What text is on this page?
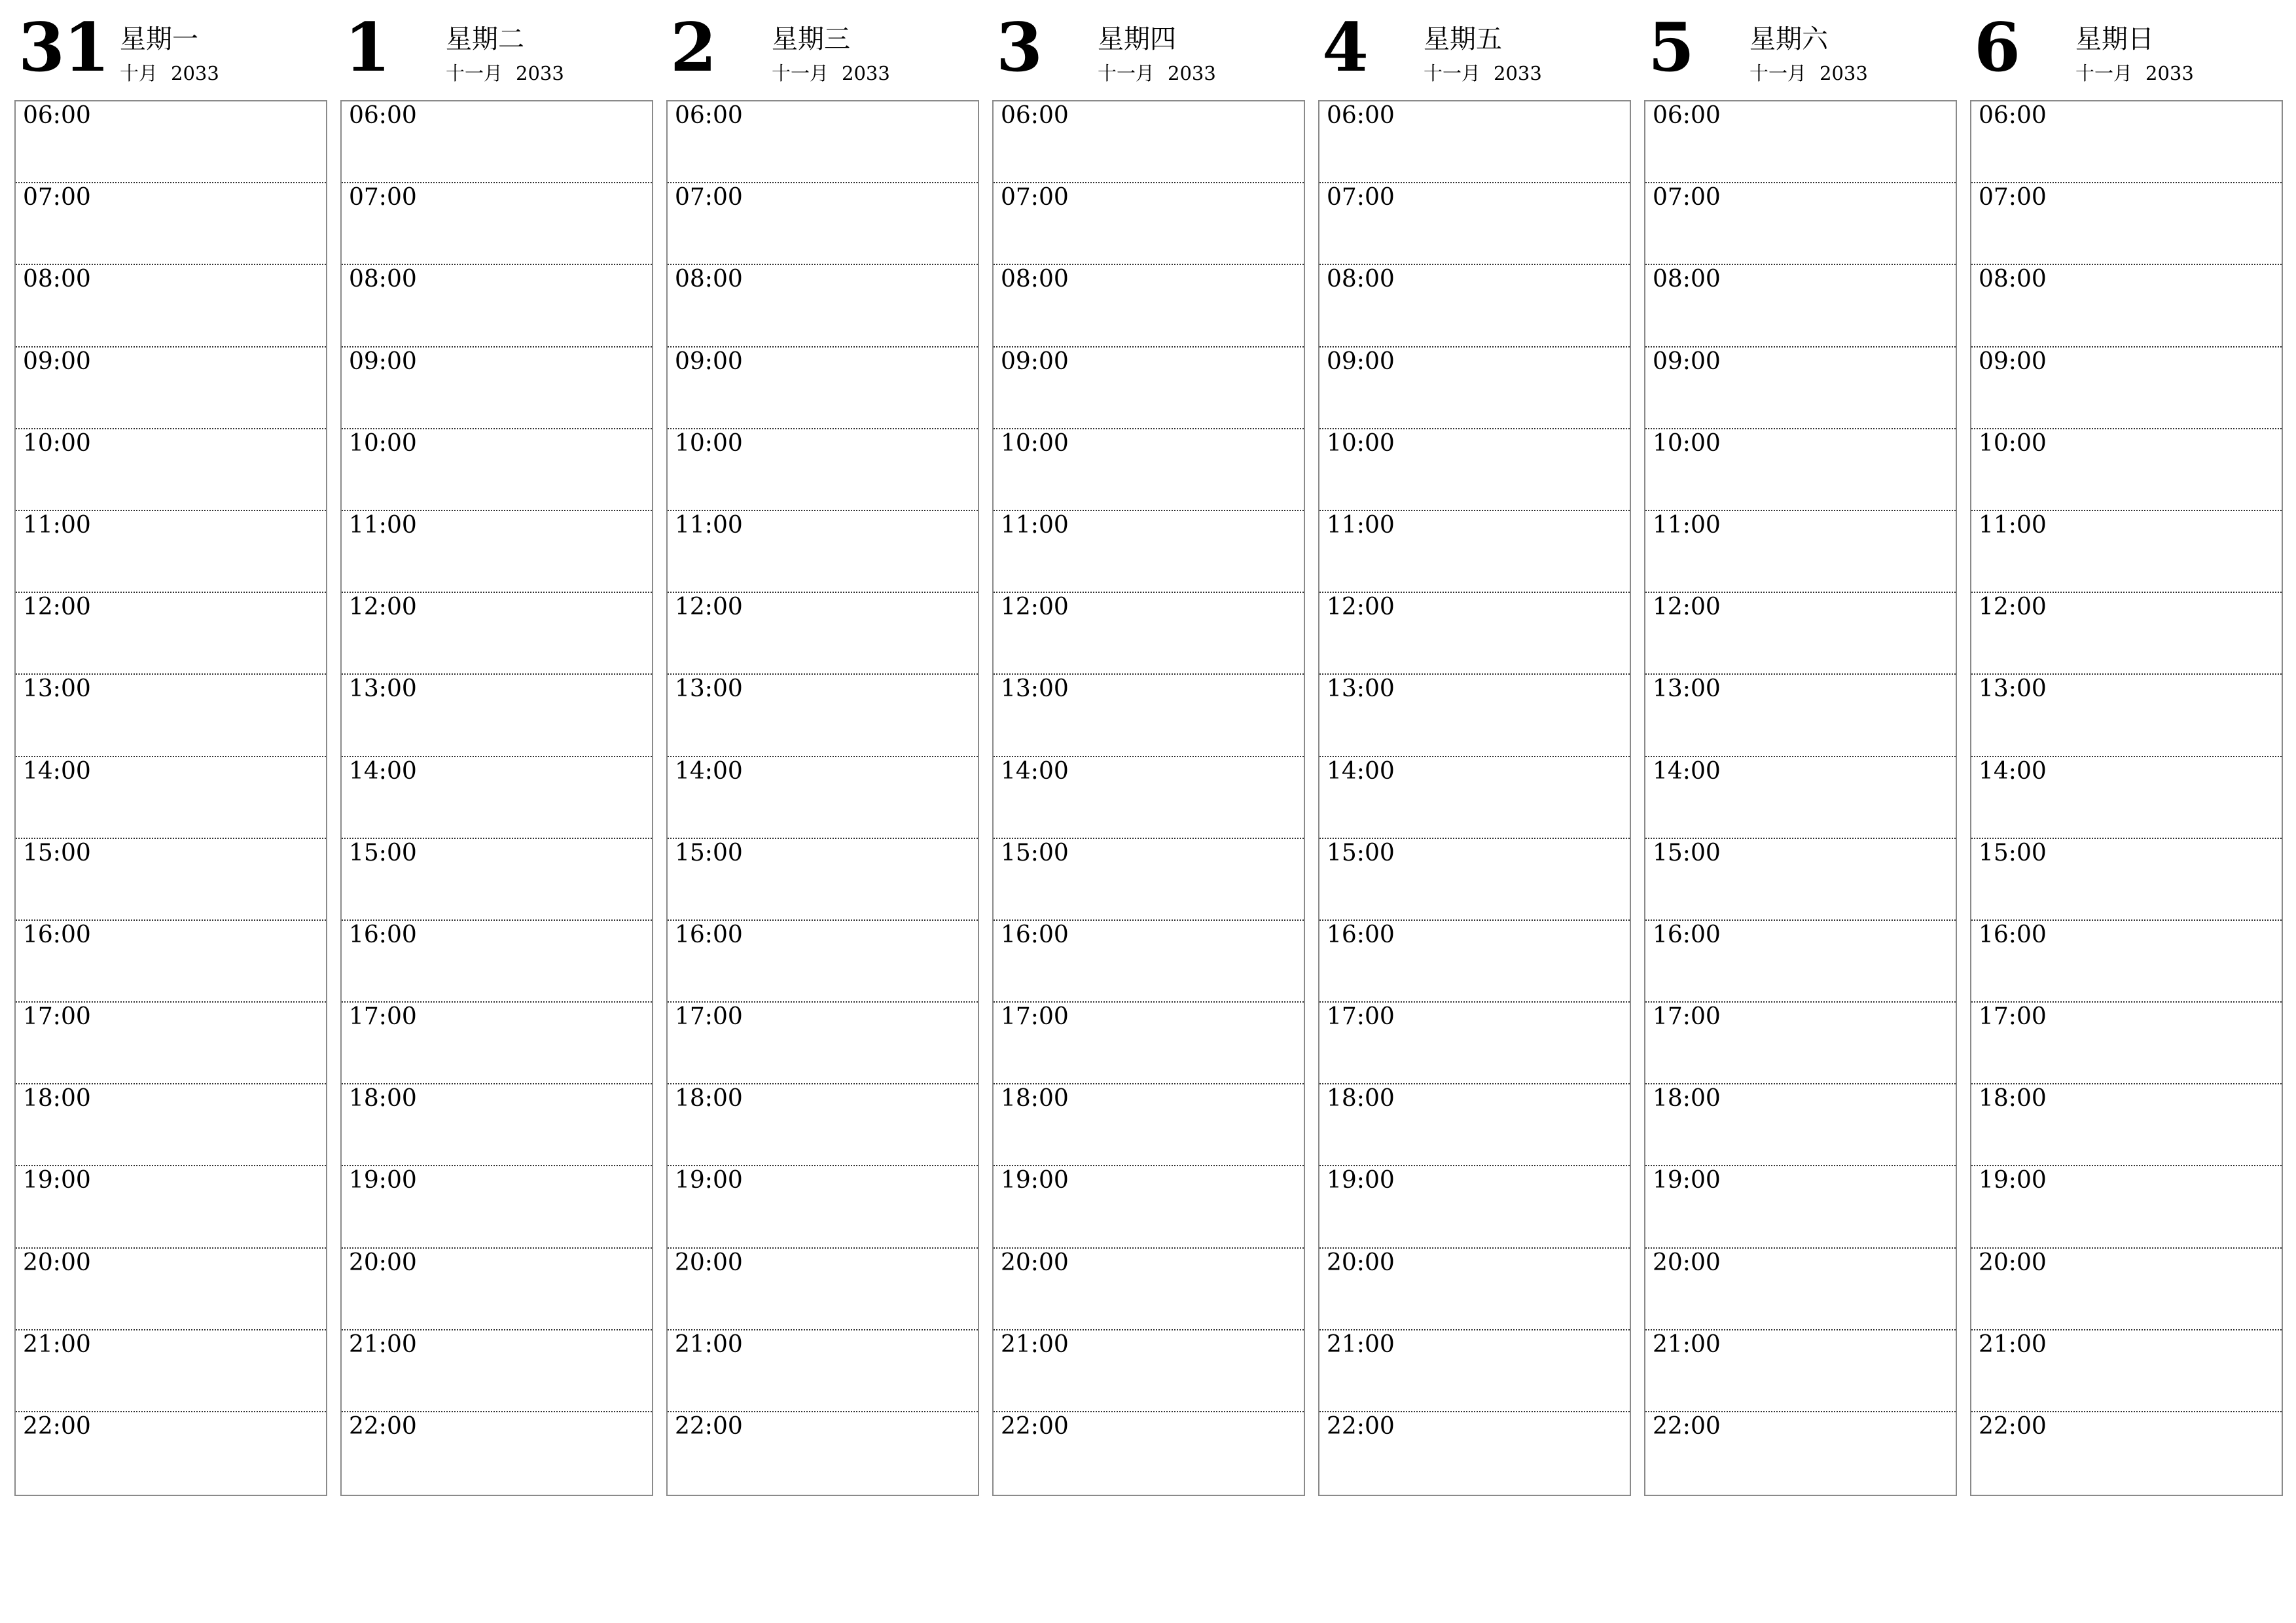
31 星期一
十月 2033
06:00
07:00
08:00
09:00
10:00
11:00
12:00
13:00
14:00
15:00
16:00
17:00
18:00
19:00
20:00
21:00
22:00
1 星期二
十一月 2033
06:00
07:00
08:00
09:00
10:00
11:00
12:00
13:00
14:00
15:00
16:00
17:00
18:00
19:00
20:00
21:00
22:00
2 星期三
十一月 2033
06:00
07:00
08:00
09:00
10:00
11:00
12:00
13:00
14:00
15:00
16:00
17:00
18:00
19:00
20:00
21:00
22:00
3 星期四
十一月 2033
06:00
07:00
08:00
09:00
10:00
11:00
12:00
13:00
14:00
15:00
16:00
17:00
18:00
19:00
20:00
21:00
22:00
4 星期五
十一月 2033
06:00
07:00
08:00
09:00
10:00
11:00
12:00
13:00
14:00
15:00
16:00
17:00
18:00
19:00
20:00
21:00
22:00
5 星期六
十一月 2033
06:00
07:00
08:00
09:00
10:00
11:00
12:00
13:00
14:00
15:00
16:00
17:00
18:00
19:00
20:00
21:00
22:00
6 星期日
十一月 2033
06:00
07:00
08:00
09:00
10:00
11:00
12:00
13:00
14:00
15:00
16:00
17:00
18:00
19:00
20:00
21:00
22:00
